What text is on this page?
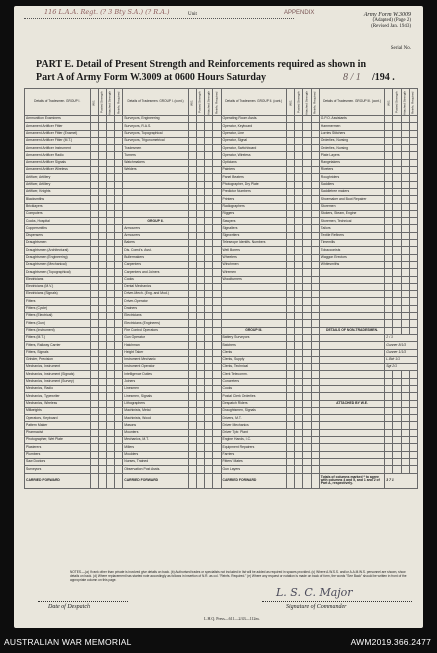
116 L.A.A. Regt. (? 3 Bty S.A.) (? R.A.)	Unit	APPENDIX	Army Form W.3009
(Adapted) (Page 2)
(Revised Jan. 1943)
Serial No.
PART E. Detail of Present Strength and Reinforcements required as shown in
Part A of Army Form W.3009 at 0600 Hours Saturday	8 / 1 /194 .
Details of Tradesmen. GROUP I.	W.E.	Posted Strength	Attached Strength	Reinfs. Required	Details of Tradesmen. GROUP I. (cont.)	W.E.	Posted Strength	Attached Strength	Reinfs. Required	Details of Tradesmen. GROUP II. (cont.)	W.E.	Posted Strength	Attached Strength	Reinfs. Required	Details of Tradesmen. GROUP III. (cont.)	W.E.	Posted Strength	Attached Strength	Reinfs. Required
Ammunition Examiners					Surveyors, Engineering					Operating Room Assts.					G.P.O. Assistants				
Armament Artificer Fitter					Surveyors, R.A.S.					Operator, Keyboard					Hammermen				
Armament Artificer Fitter (Enamel)					Surveyors, Topographical					Operator, Line					Lorries Stitchers				
Armament Artificer Fitter (M.T.)					Surveyors, Trigonometrical					Operator, Signal					Orderlies, Nursing				
Armament Artificer Instrument					Tradesmen					Operator, Switchboard					Orderlies, Nursing				
Armament Artificer Radio					Turners					Operator, Wireless					Plate Layers				
Armament Artificer Signals					Watchmakers					Opticians					Rangetakers				
Armament Artificer Wireless					Welders					Painters					Riveters				
Artificer, Artillery										Panel Beaters					Roughriders				
Artificer, Artillery										Photographer, Dry Plate					Saddlers				
Artificer, Knights										Predictor Numbers					Saddletree makers				
Blacksmiths										Printers					Shoemaker and Boot Repairer				
Bricklayers										Radiographers					Storemen				
Computers										Riggers					Stokers, Steam, Engine				
Cooks, Hospital					GROUP II.					Sawyers					Storemen, Technical				
Coppersmiths					Armourers					Signallers					Tailors				
Dispensers					Armourers					Signwriters					Textile Refiners				
Draughtsmen					Bakers					Teleseope Identifs. Numbers					Timemills				
Draughtsmen (Architectural)					Dis. Comd's. Asst.					Well Borers					Tobacconists				
Draughtsmen (Engineering)					Bullermakers					Wheelers					Waggon Erectors				
Draughtsmen (Mechanical)					Carpenters					Winchmen					Whitesmiths				
Draughtsmen (Topographical)					Carpenters and Joiners					Wiremen									
Electricians					Cooks					Woodturners									
Electricians (M.V.)					Dental Mechanics														
Electricians (Signals)					Driver-Mech. (Eng. and Mod.)														
Fitters					Driver-Operator														
Fitters (Cycle)					Drainers														
Fitters (Electrical)					Electricians														
Fitters (Gun)					Electricians (Engineers)														
Fitters (Instrument)					Fire Control Operators					GROUP III.					DETAILS OF NON-TRADESMEN.				
Fitters (M.T.)					Gun Operator					Battery Surveyors						2 / 3			
Fitters, Railway Carrier					Hatchman					Batchers						Gunner 8/1/3			
Fitters, Signals					Height Taker					Clerks						Gunner 1/1/3			
Grinder, Precision					Instrument Mechanic					Clerks, Supply						L.Bdr 1/1			
Mechanics, Instrument					Instrument Operator					Clerks, Technical						Sgt 2/1			
Mechanics, Instrument (Signals)					Intelligence Duties					Clerk Telecomm.									
Mechanics, Instrument (Survey)					Joiners					Concreters									
Mechanics, Radio					Linesmen					Cooks									
Mechanics, Typewriter					Linesmen, Signals					Postal Clerk Orderlies									
Mechanics, Wireless					Lithographers					Despatch Riders					ATTACHED BY W.E.				
Millwrights					Machinists, Metal					Draughtsmen, Signals									
Operators, Keyboard					Machinists, Wood					Drivers, M.T.									
Pattern Maker					Masons					Driver Mechanics									
Pharmacist					Mounters					Driver Tptr. Plant									
Photographer, Wet Plate					Mechanics, M.T.					Engine Hands, I.C.									
Plasterers					Millers					Equipment Repairers									
Plumbers					Moulders					Farriers									
Saw Doctors					Nurses, Trained					Fitters' Mates									
Surveyors					Observation Post Assts.					Gun Layers									
CARRIED FORWARD					CARRIED FORWARD					CARRIED FORWARD					Totals of columns marked * to agree with columns 4 and 5, and 1 and 2 of Part A, respectively.	3 7 1			
NOTES.—(a) If rank other than private is involved give details on back. (b) Authorised trades or specialists not included in list will be added as required in spaces provided. (c) Where A.W.S.S. and/or A.A.M.W.S. personnel are shown, show details on back. (d) Where replacement has started note accordingly as follows in insertion of N.R. as col. "Reinfs. Required." (e) Where any request or notation is made on back of form, the words "See Back" should be written in front of the appropriate column on this page.
Date of Despatch
L. S. C. Major
Signature of Commander
L.H.Q. Press—611—2/43—112m.
AUSTRALIAN WAR MEMORIAL	AWM2019.366.2477
